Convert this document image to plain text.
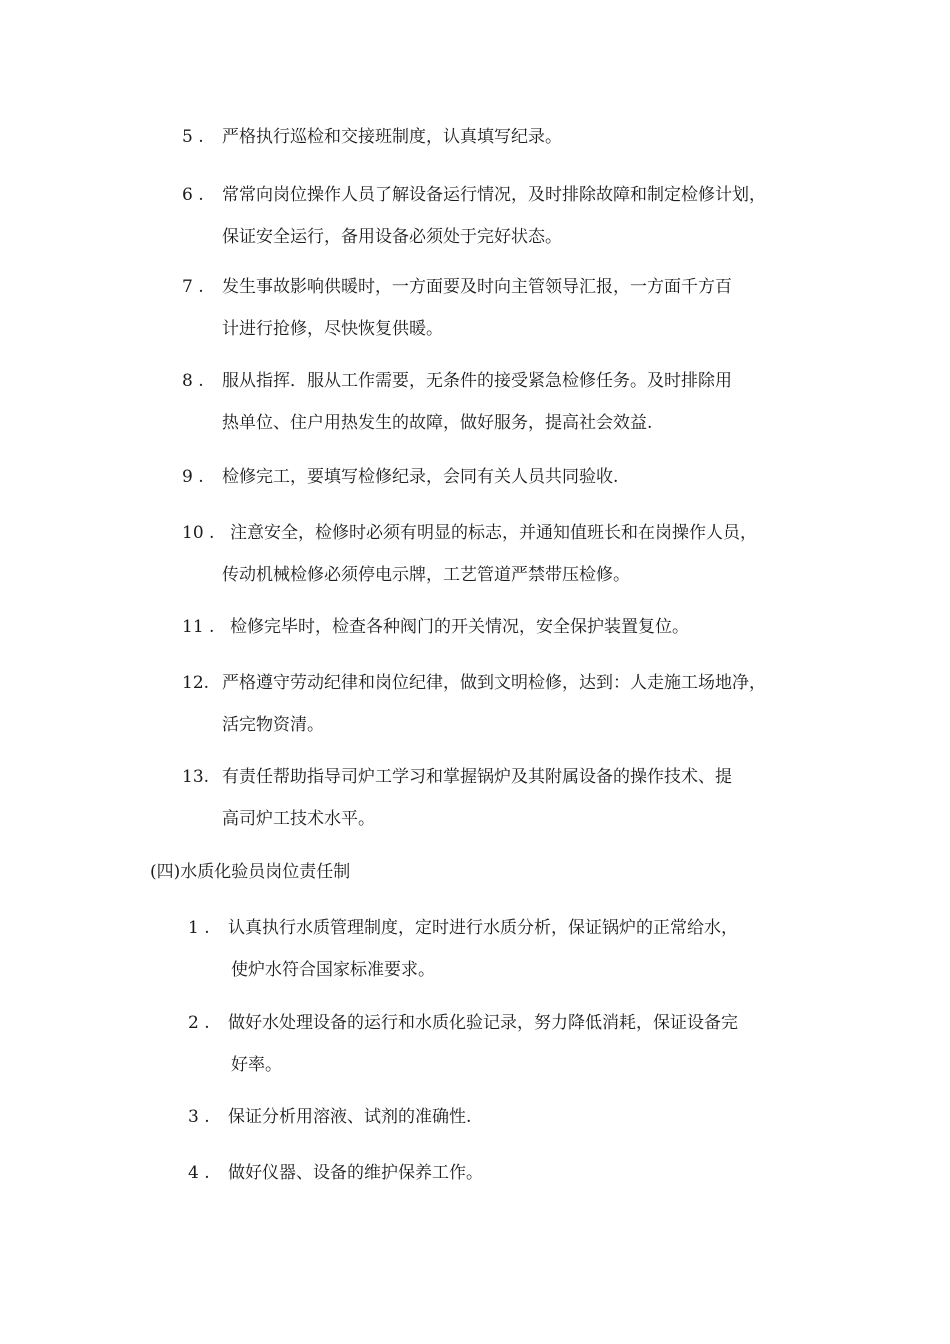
5 . 严格执行巡检和交接班制度，认真填写纪录。
6 . 常常向岗位操作人员了解设备运行情况，及时排除故障和制定检修计划，
保证安全运行，备用设备必须处于完好状态。
7 . 发生事故影响供暖时，一方面要及时向主管领导汇报，一方面千方百
计进行抢修，尽快恢复供暖。
8 . 服从指挥．服从工作需要，无条件的接受紧急检修任务。及时排除用
热单位、住户用热发生的故障，做好服务，提高社会效益.
9 . 检修完工，要填写检修纪录，会同有关人员共同验收.
10 . 注意安全，检修时必须有明显的标志，并通知值班长和在岗操作人员，
传动机械检修必须停电示牌，工艺管道严禁带压检修。
11 . 检修完毕时，检查各种阀门的开关情况，安全保护装置复位。
12. 严格遵守劳动纪律和岗位纪律，做到文明检修，达到：人走施工场地净，
活完物资清。
13. 有责任帮助指导司炉工学习和掌握锅炉及其附属设备的操作技术、提
高司炉工技术水平。
(四)水质化验员岗位责任制
1 . 认真执行水质管理制度，定时进行水质分析，保证锅炉的正常给水，
使炉水符合国家标准要求。
2 . 做好水处理设备的运行和水质化验记录，努力降低消耗，保证设备完
好率。
3 . 保证分析用溶液、试剂的准确性.
4 . 做好仪器、设备的维护保养工作。
